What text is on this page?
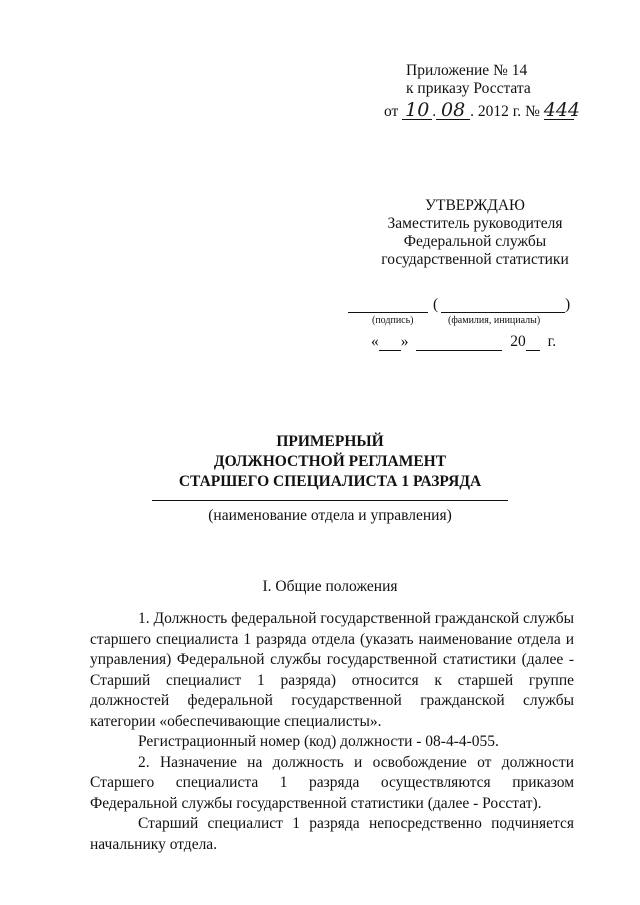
Приложение № 14
к приказу Росстата
от 10 . 08 . 2012 г. № 444
УТВЕРЖДАЮ
Заместитель руководителя
Федеральной службы
государственной статистики
(	)
(подпись)	(фамилия, инициалы)
« »	20 г.
ПРИМЕРНЫЙ
ДОЛЖНОСТНОЙ РЕГЛАМЕНТ
СТАРШЕГО СПЕЦИАЛИСТА 1 РАЗРЯДА
(наименование отдела и управления)
I. Общие положения

1. Должность федеральной государственной гражданской службы старшего специалиста 1 разряда отдела (указать наименование отдела и управления) Федеральной службы государственной статистики (далее - Старший специалист 1 разряда) относится к старшей группе должностей федеральной государственной гражданской службы категории «обеспечивающие специалисты».

Регистрационный номер (код) должности - 08-4-4-055.

2. Назначение на должность и освобождение от должности Старшего специалиста 1 разряда осуществляются приказом Федеральной службы государственной статистики (далее - Росстат).

Старший специалист 1 разряда непосредственно подчиняется начальнику отдела.
